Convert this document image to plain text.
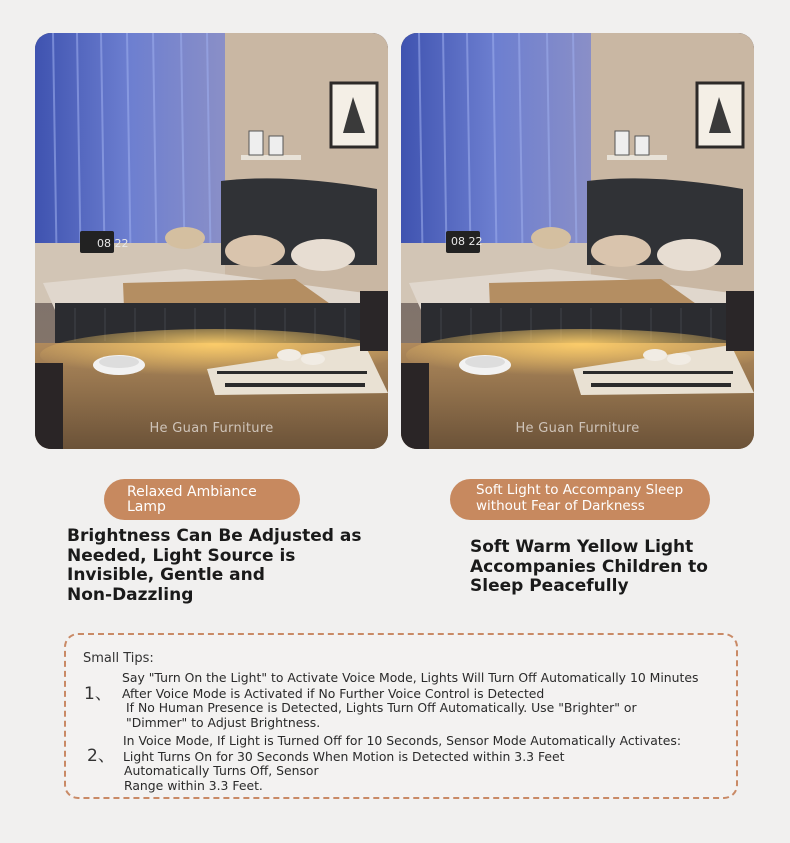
08 22
He Guan Furniture
08 22
He Guan Furniture
Relaxed Ambiance
Lamp
Soft Light to Accompany Sleep
without Fear of Darkness
Brightness Can Be Adjusted as
Needed, Light Source is
Invisible, Gentle and
Non-Dazzling
Soft Warm Yellow Light
Accompanies Children to
Sleep Peacefully
Small Tips:
1、
Say "Turn On the Light" to Activate Voice Mode, Lights Will Turn Off Automatically 10 Minutes
After Voice Mode is Activated if No Further Voice Control is Detected
If No Human Presence is Detected, Lights Turn Off Automatically. Use "Brighter" or
"Dimmer" to Adjust Brightness.
2、
In Voice Mode, If Light is Turned Off for 10 Seconds, Sensor Mode Automatically Activates:
Light Turns On for 30 Seconds When Motion is Detected within 3.3 Feet
Automatically Turns Off, Sensor
Range within 3.3 Feet.
